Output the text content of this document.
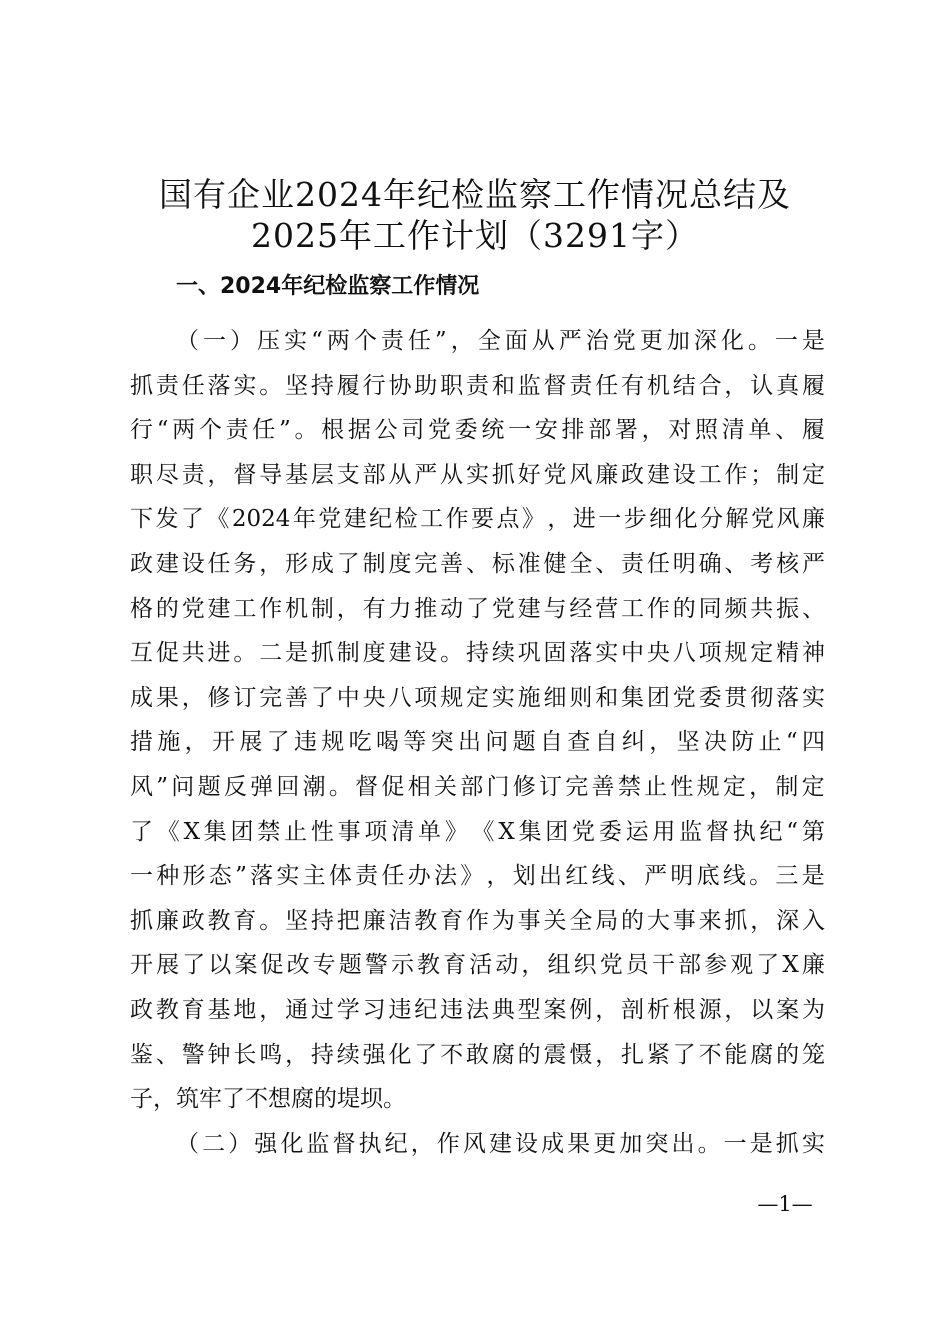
国有企业2024年纪检监察工作情况总结及
2025年工作计划（3291字）
一、2024年纪检监察工作情况
（ 一 ） 压 实 “ 两 个 责 任 ” ， 全 面 从 严 治 党 更 加 深 化 。 一 是
抓 责 任 落 实 。 坚 持 履 行 协 助 职 责 和 监 督 责 任 有 机 结 合 ， 认 真 履
行 “ 两 个 责 任 ” 。 根 据 公 司 党 委 统 一 安 排 部 署 ， 对 照 清 单 、 履
职 尽 责 ， 督 导 基 层 支 部 从 严 从 实 抓 好 党 风 廉 政 建 设 工 作 ； 制 定
下 发 了 《 2024 年 党 建 纪 检 工 作 要 点 》 ， 进 一 步 细 化 分 解 党 风 廉
政 建 设 任 务 ， 形 成 了 制 度 完 善 、 标 准 健 全 、 责 任 明 确 、 考 核 严
格 的 党 建 工 作 机 制 ， 有 力 推 动 了 党 建 与 经 营 工 作 的 同 频 共 振 、
互 促 共 进 。 二 是 抓 制 度 建 设 。 持 续 巩 固 落 实 中 央 八 项 规 定 精 神
成 果 ， 修 订 完 善 了 中 央 八 项 规 定 实 施 细 则 和 集 团 党 委 贯 彻 落 实
措 施 ， 开 展 了 违 规 吃 喝 等 突 出 问 题 自 查 自 纠 ， 坚 决 防 止 “ 四
风 ” 问 题 反 弹 回 潮 。 督 促 相 关 部 门 修 订 完 善 禁 止 性 规 定 ， 制 定
了 《 X 集 团 禁 止 性 事 项 清 单 》 《 X 集 团 党 委 运 用 监 督 执 纪 “ 第
一 种 形 态 ” 落 实 主 体 责 任 办 法 》 ， 划 出 红 线 、 严 明 底 线 。 三 是
抓 廉 政 教 育 。 坚 持 把 廉 洁 教 育 作 为 事 关 全 局 的 大 事 来 抓 ， 深 入
开 展 了 以 案 促 改 专 题 警 示 教 育 活 动 ， 组 织 党 员 干 部 参 观 了 X 廉
政 教 育 基 地 ， 通 过 学 习 违 纪 违 法 典 型 案 例 ， 剖 析 根 源 ， 以 案 为
鉴 、 警 钟 长 鸣 ， 持 续 强 化 了 不 敢 腐 的 震 慑 ， 扎 紧 了 不 能 腐 的 笼
子，筑牢了不想腐的堤坝。
（ 二 ） 强 化 监 督 执 纪 ， 作 风 建 设 成 果 更 加 突 出 。 一 是 抓 实
—1—
